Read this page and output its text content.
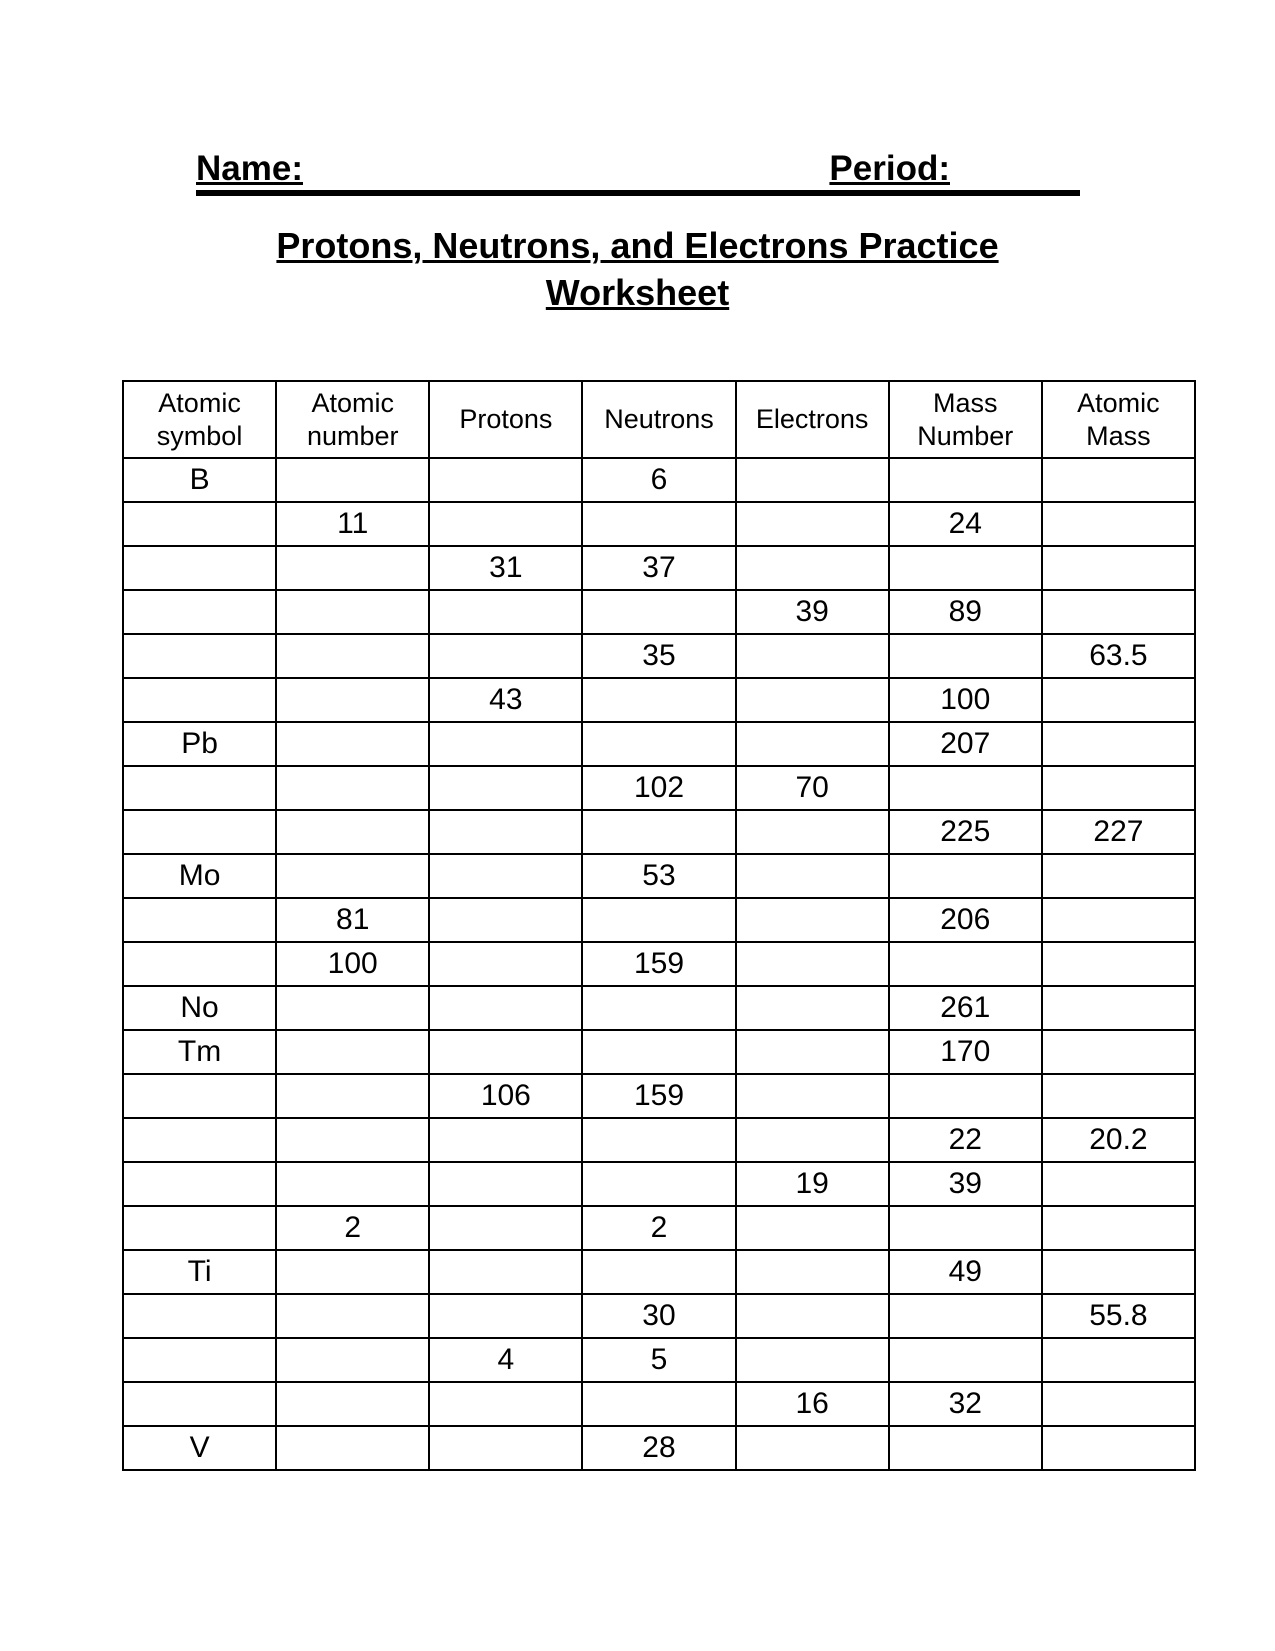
Name:	Period:
Protons, Neutrons, and Electrons Practice
Worksheet
Atomic symbol	Atomic number	Protons	Neutrons	Electrons	Mass Number	Atomic Mass
B			6			
	11				24	
		31	37			
				39	89	
			35			63.5
		43			100	
Pb					207	
			102	70		
					225	227
Mo			53			
	81				206	
	100		159			
No					261	
Tm					170	
		106	159			
					22	20.2
				19	39	
	2		2			
Ti					49	
			30			55.8
		4	5			
				16	32	
V			28			
